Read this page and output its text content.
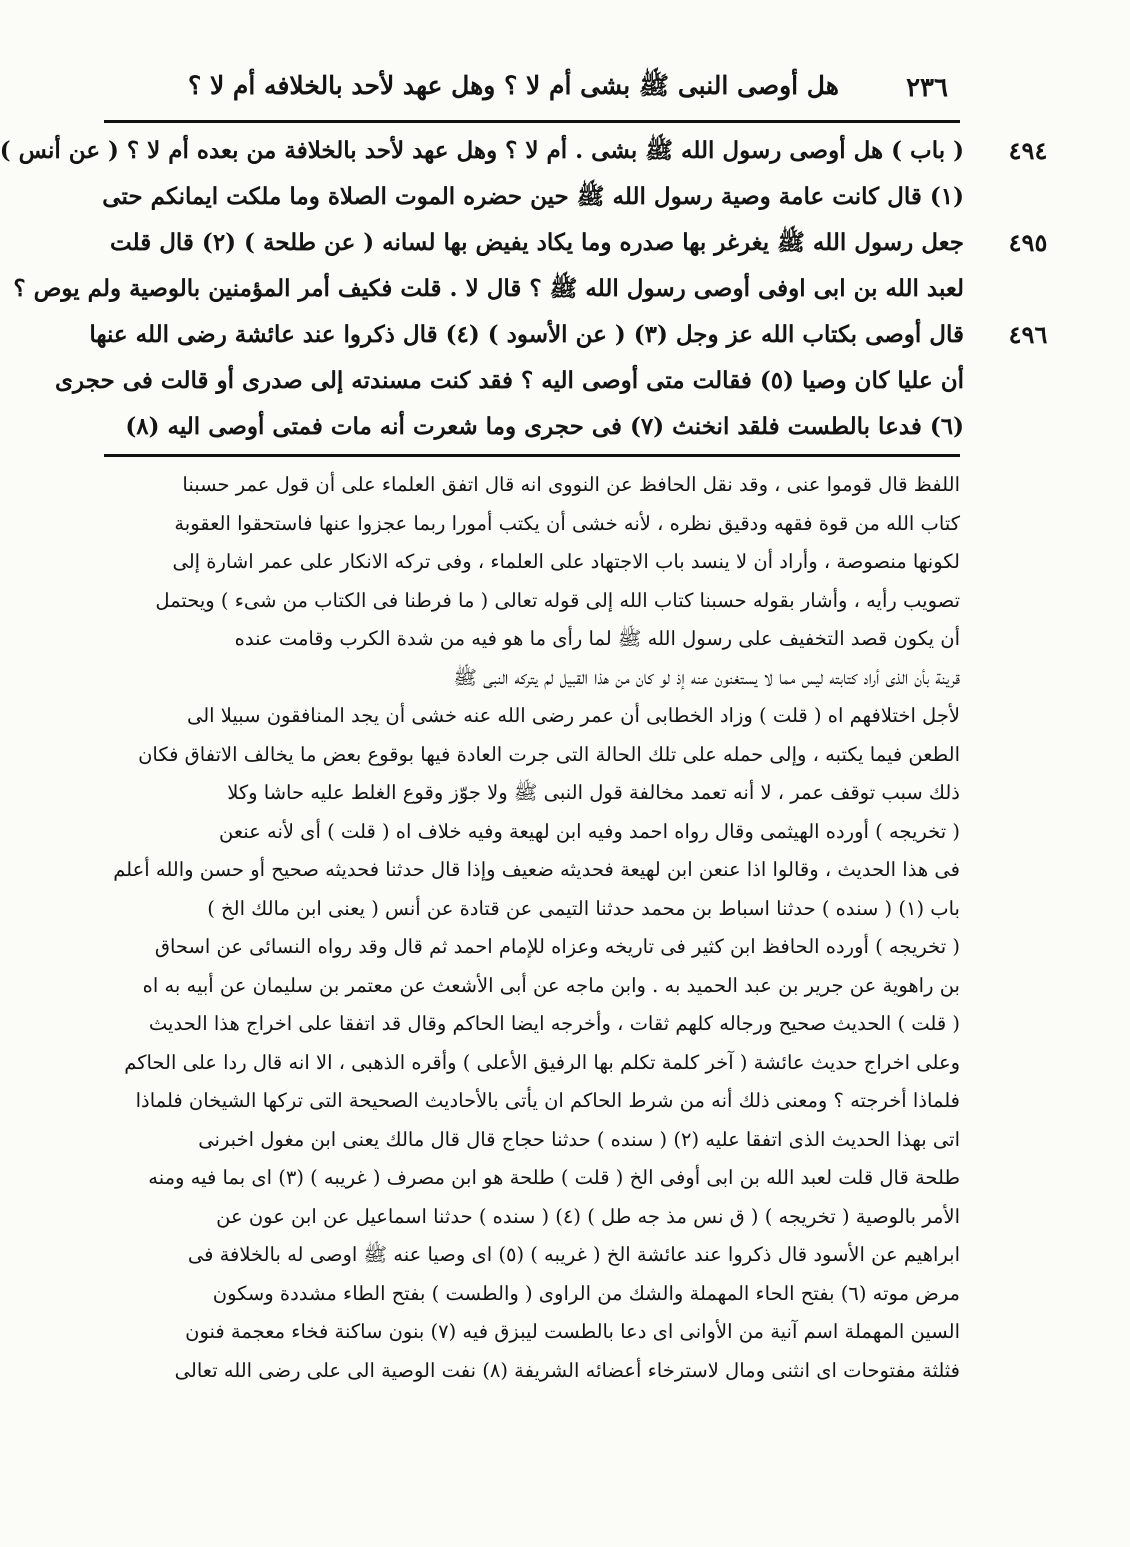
٢٣٦
هل أوصى النبى ﷺ بشى أم لا ؟ وهل عهد لأحد بالخلافه أم لا ؟
٤٩٤
( باب ) هل أوصى رسول الله ﷺ بشى . أم لا ؟ وهل عهد لأحد بالخلافة من بعده أم لا ؟ ( عن أنس )
(١) قال كانت عامة وصية رسول الله ﷺ حين حضره الموت الصلاة وما ملكت ايمانكم حتى
٤٩٥
جعل رسول الله ﷺ يغرغر بها صدره وما يكاد يفيض بها لسانه ( عن طلحة ) (٢) قال قلت
لعبد الله بن ابى اوفى أوصى رسول الله ﷺ ؟ قال لا . قلت فكيف أمر المؤمنين بالوصية ولم يوص ؟
٤٩٦
قال أوصى بكتاب الله عز وجل (٣) ( عن الأسود ) (٤) قال ذكروا عند عائشة رضى الله عنها
أن عليا كان وصيا (٥) فقالت متى أوصى اليه ؟ فقد كنت مسندته إلى صدرى أو قالت فى حجرى
(٦) فدعا بالطست فلقد انخنث (٧) فى حجرى وما شعرت أنه مات فمتى أوصى اليه (٨)
اللفظ قال قوموا عنى ، وقد نقل الحافظ عن النووى انه قال اتفق العلماء على أن قول عمر حسبنا
كتاب الله من قوة فقهه ودقيق نظره ، لأنه خشى أن يكتب أمورا ربما عجزوا عنها فاستحقوا العقوبة
لكونها منصوصة ، وأراد أن لا ينسد باب الاجتهاد على العلماء ، وفى تركه الانكار على عمر اشارة إلى
تصويب رأيه ، وأشار بقوله حسبنا كتاب الله إلى قوله تعالى ( ما فرطنا فى الكتاب من شىء ) ويحتمل
أن يكون قصد التخفيف على رسول الله ﷺ لما رأى ما هو فيه من شدة الكرب وقامت عنده
قرينة بأن الذى أراد كتابته ليس مما لا يستغنون عنه إذ لو كان من هذا القبيل لم يتركه النبى ﷺ
لأجل اختلافهم اه ( قلت ) وزاد الخطابى أن عمر رضى الله عنه خشى أن يجد المنافقون سبيلا الى
الطعن فيما يكتبه ، وإلى حمله على تلك الحالة التى جرت العادة فيها بوقوع بعض ما يخالف الاتفاق فكان
ذلك سبب توقف عمر ، لا أنه تعمد مخالفة قول النبى ﷺ ولا جوّز وقوع الغلط عليه حاشا وكلا
( تخريجه ) أورده الهيثمى وقال رواه احمد وفيه ابن لهيعة وفيه خلاف اه ( قلت ) أى لأنه عنعن
فى هذا الحديث ، وقالوا اذا عنعن ابن لهيعة فحديثه ضعيف وإذا قال حدثنا فحديثه صحيح أو حسن والله أعلم
باب (١) ( سنده ) حدثنا اسباط بن محمد حدثنا التيمى عن قتادة عن أنس ( يعنى ابن مالك الخ )
( تخريجه ) أورده الحافظ ابن كثير فى تاريخه وعزاه للإمام احمد ثم قال وقد رواه النسائى عن اسحاق
بن راهوية عن جرير بن عبد الحميد به . وابن ماجه عن أبى الأشعث عن معتمر بن سليمان عن أبيه به اه
( قلت ) الحديث صحيح ورجاله كلهم ثقات ، وأخرجه ايضا الحاكم وقال قد اتفقا على اخراج هذا الحديث
وعلى اخراج حديث عائشة ( آخر كلمة تكلم بها الرفيق الأعلى ) وأقره الذهبى ، الا انه قال ردا على الحاكم
فلماذا أخرجته ؟ ومعنى ذلك أنه من شرط الحاكم ان يأتى بالأحاديث الصحيحة التى تركها الشيخان فلماذا
اتى بهذا الحديث الذى اتفقا عليه (٢) ( سنده ) حدثنا حجاج قال قال مالك يعنى ابن مغول اخبرنى
طلحة قال قلت لعبد الله بن ابى أوفى الخ ( قلت ) طلحة هو ابن مصرف ( غريبه ) (٣) اى بما فيه ومنه
الأمر بالوصية ( تخريجه ) ( ق نس مذ جه طل ) (٤) ( سنده ) حدثنا اسماعيل عن ابن عون عن
ابراهيم عن الأسود قال ذكروا عند عائشة الخ ( غريبه ) (٥) اى وصيا عنه ﷺ اوصى له بالخلافة فى
مرض موته (٦) بفتح الحاء المهملة والشك من الراوى ( والطست ) بفتح الطاء مشددة وسكون
السين المهملة اسم آنية من الأوانى اى دعا بالطست ليبزق فيه (٧) بنون ساكنة فخاء معجمة فنون
فثلثة مفتوحات اى انثنى ومال لاسترخاء أعضائه الشريفة (٨) نفت الوصية الى على رضى الله تعالى
